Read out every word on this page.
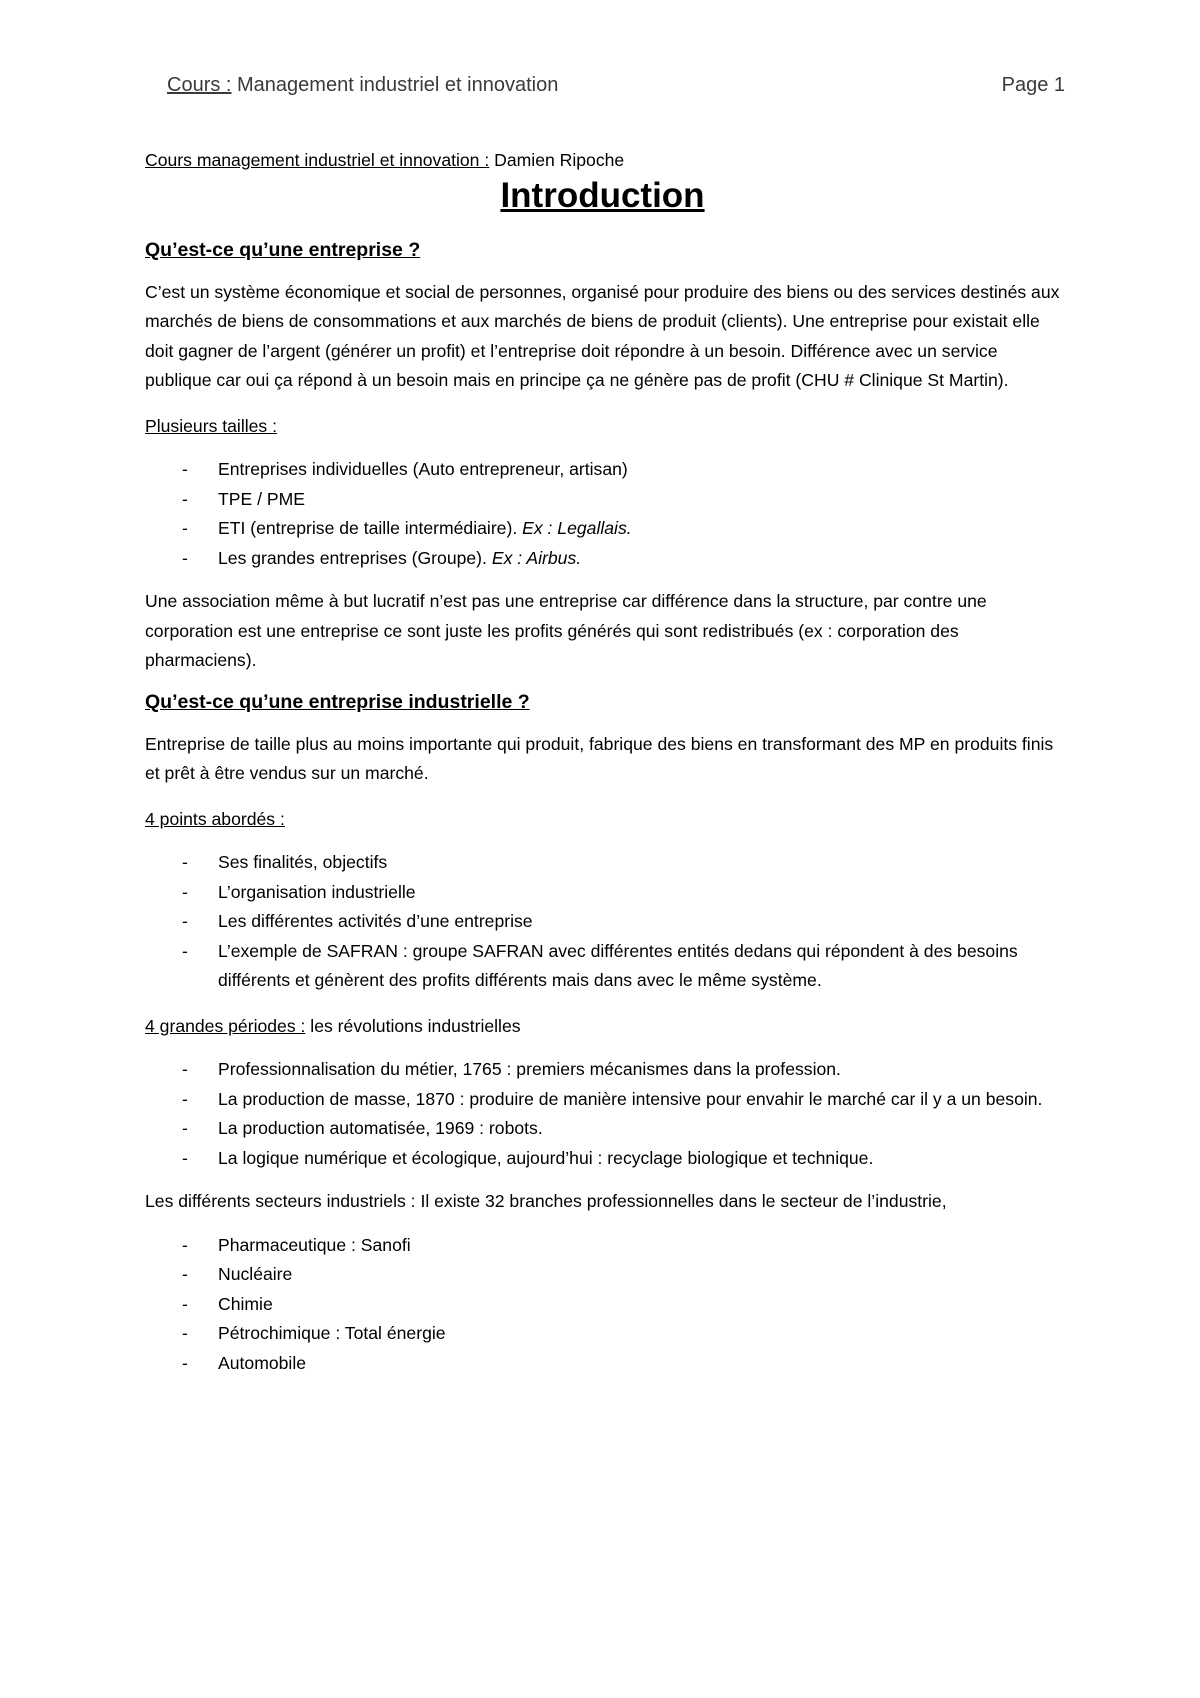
Cours : Management industriel et innovation	Page 1

Cours management industriel et innovation : Damien Ripoche

Introduction

Qu’est-ce qu’une entreprise ?

C’est un système économique et social de personnes, organisé pour produire des biens ou des services destinés aux marchés de biens de consommations et aux marchés de biens de produit (clients). Une entreprise pour existait elle doit gagner de l’argent (générer un profit) et l’entreprise doit répondre à un besoin. Différence avec un service publique car oui ça répond à un besoin mais en principe ça ne génère pas de profit (CHU # Clinique St Martin).

Plusieurs tailles :

- Entreprises individuelles (Auto entrepreneur, artisan)
- TPE / PME
- ETI (entreprise de taille intermédiaire). Ex : Legallais.
- Les grandes entreprises (Groupe). Ex : Airbus.

Une association même à but lucratif n’est pas une entreprise car différence dans la structure, par contre une corporation est une entreprise ce sont juste les profits générés qui sont redistribués (ex : corporation des pharmaciens).

Qu’est-ce qu’une entreprise industrielle ?

Entreprise de taille plus au moins importante qui produit, fabrique des biens en transformant des MP en produits finis et prêt à être vendus sur un marché.

4 points abordés :

- Ses finalités, objectifs
- L’organisation industrielle
- Les différentes activités d’une entreprise
- L’exemple de SAFRAN : groupe SAFRAN avec différentes entités dedans qui répondent à des besoins différents et génèrent des profits différents mais dans avec le même système.

4 grandes périodes : les révolutions industrielles

- Professionnalisation du métier, 1765 : premiers mécanismes dans la profession.
- La production de masse, 1870 : produire de manière intensive pour envahir le marché car il y a un besoin.
- La production automatisée, 1969 : robots.
- La logique numérique et écologique, aujourd’hui : recyclage biologique et technique.

Les différents secteurs industriels : Il existe 32 branches professionnelles dans le secteur de l’industrie,

- Pharmaceutique : Sanofi
- Nucléaire
- Chimie
- Pétrochimique : Total énergie
- Automobile
